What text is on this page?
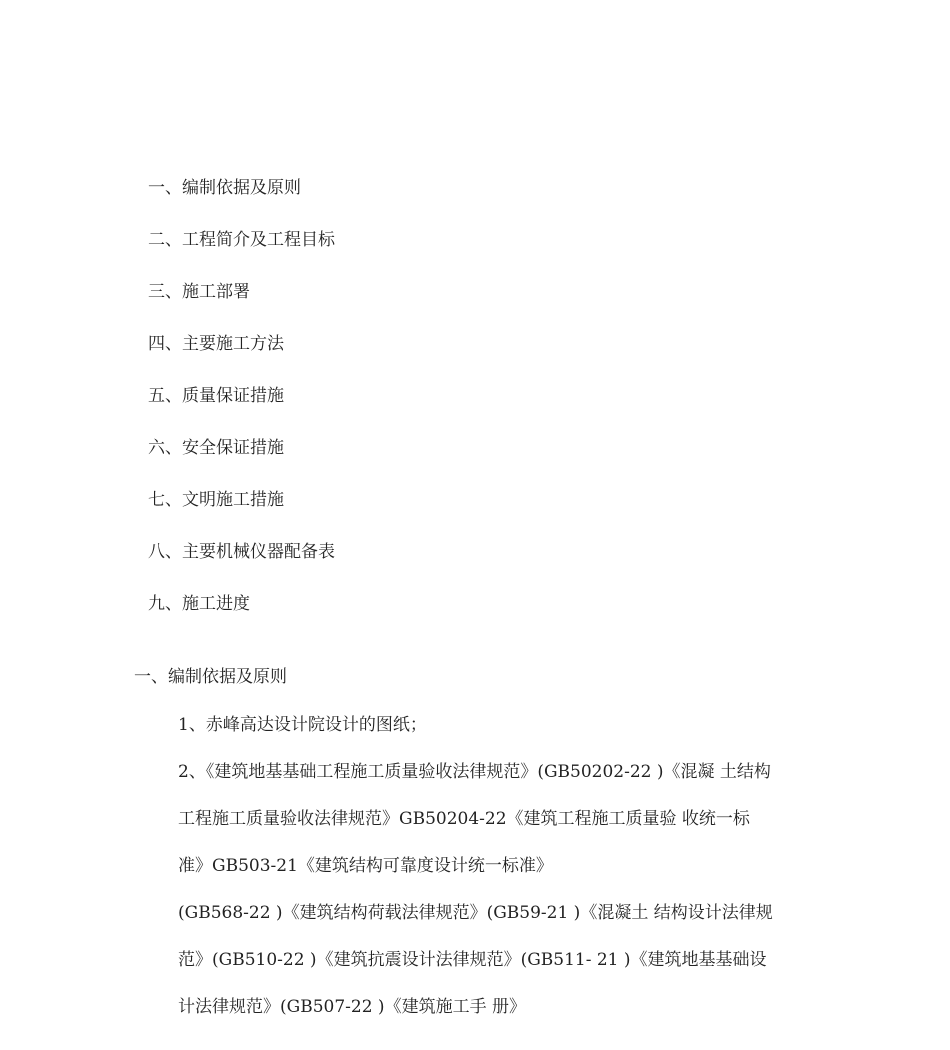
一、编制依据及原则
二、工程简介及工程目标
三、施工部署
四、主要施工方法
五、质量保证措施
六、安全保证措施
七、文明施工措施
八、主要机械仪器配备表
九、施工进度
一、编制依据及原则
1、赤峰高达设计院设计的图纸；
2、《建筑地基基础工程施工质量验收法律规范》(GB50202-22 )《混凝 土结构
工程施工质量验收法律规范》GB50204-22《建筑工程施工质量验 收统一标
准》GB503-21《建筑结构可靠度设计统一标准》
(GB568-22 )《建筑结构荷载法律规范》(GB59-21 )《混凝土 结构设计法律规
范》(GB510-22 )《建筑抗震设计法律规范》(GB511- 21 )《建筑地基基础设
计法律规范》(GB507-22 )《建筑施工手 册》
